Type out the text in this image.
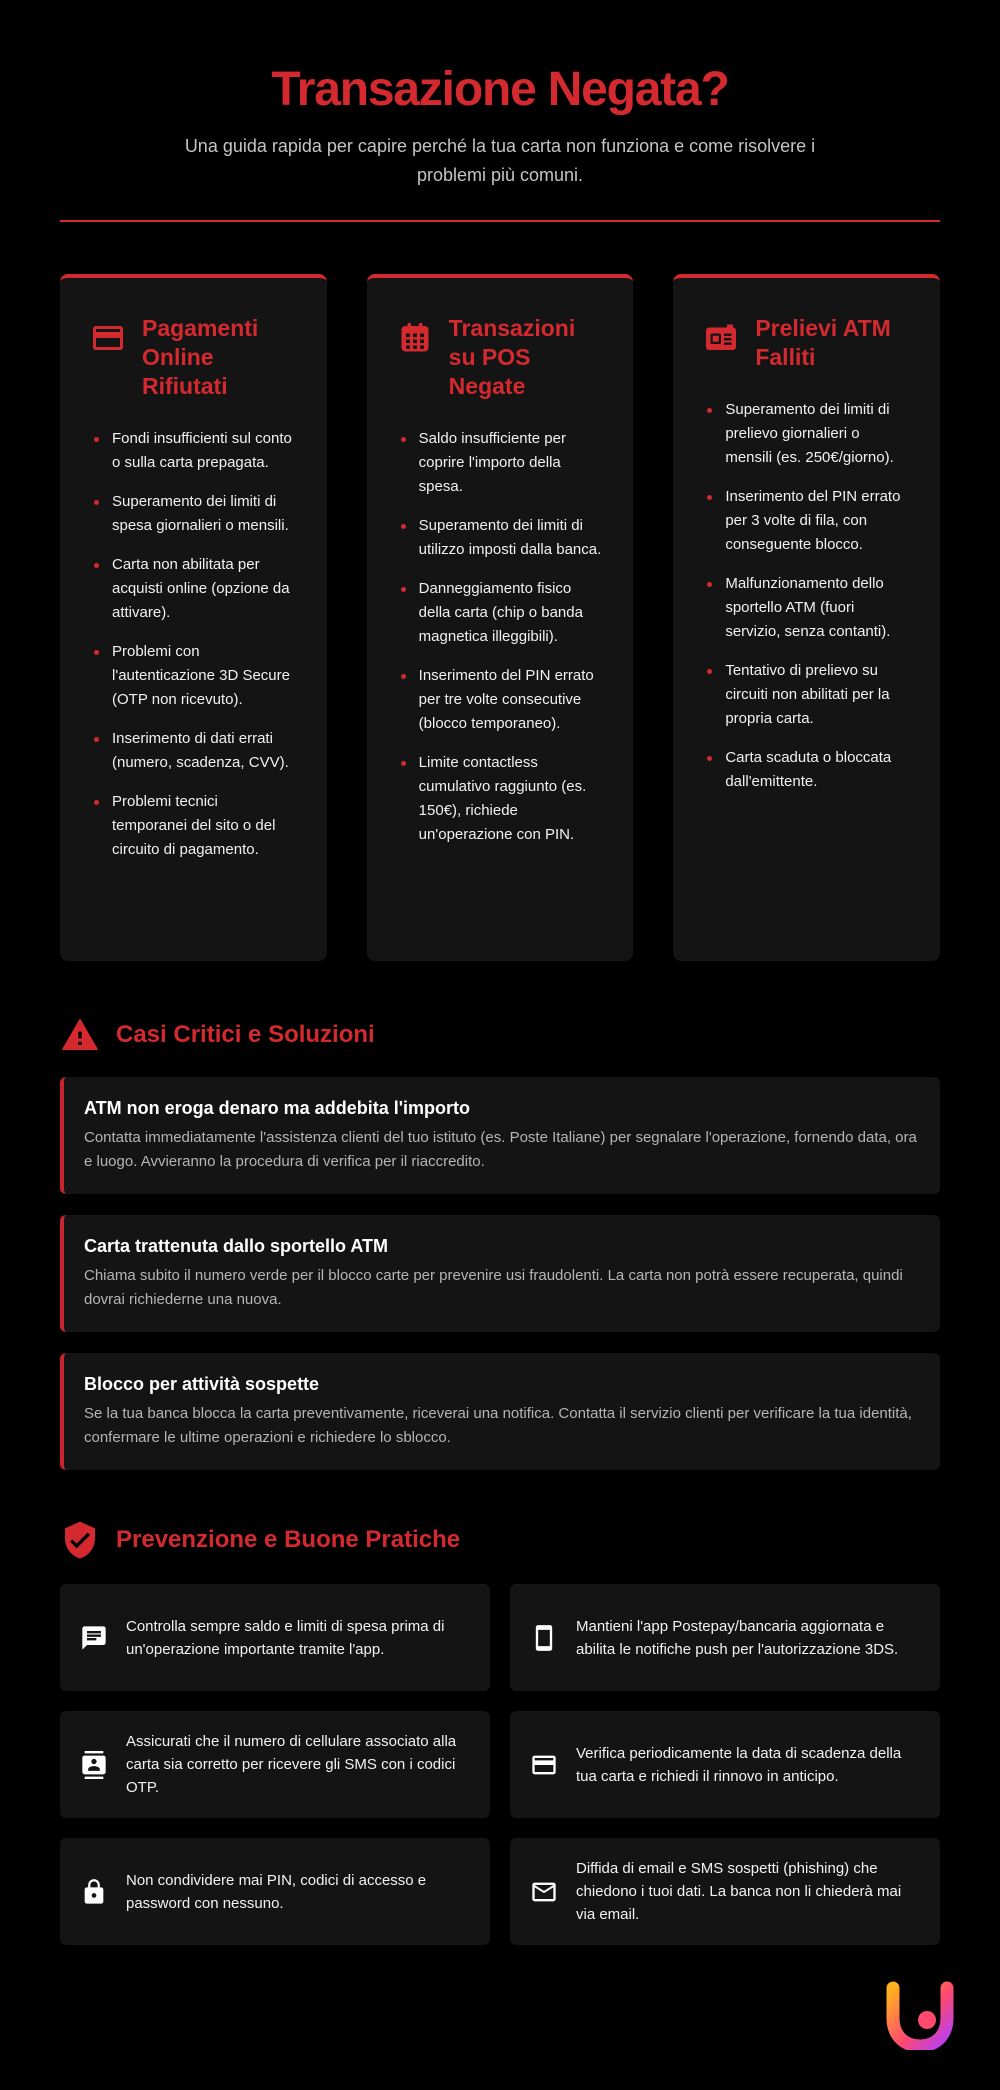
Transazione Negata?

Una guida rapida per capire perché la tua carta non funziona e come risolvere i problemi più comuni.

Pagamenti Online Rifiutati
Fondi insufficienti sul conto o sulla carta prepagata.
Superamento dei limiti di spesa giornalieri o mensili.
Carta non abilitata per acquisti online (opzione da attivare).
Problemi con l'autenticazione 3D Secure (OTP non ricevuto).
Inserimento di dati errati (numero, scadenza, CVV).
Problemi tecnici temporanei del sito o del circuito di pagamento.
Transazioni su POS Negate
Saldo insufficiente per coprire l'importo della spesa.
Superamento dei limiti di utilizzo imposti dalla banca.
Danneggiamento fisico della carta (chip o banda magnetica illeggibili).
Inserimento del PIN errato per tre volte consecutive (blocco temporaneo).
Limite contactless cumulativo raggiunto (es. 150€), richiede un'operazione con PIN.
Prelievi ATM Falliti
Superamento dei limiti di prelievo giornalieri o mensili (es. 250€/giorno).
Inserimento del PIN errato per 3 volte di fila, con conseguente blocco.
Malfunzionamento dello sportello ATM (fuori servizio, senza contanti).
Tentativo di prelievo su circuiti non abilitati per la propria carta.
Carta scaduta o bloccata dall'emittente.
Casi Critici e Soluzioni
ATM non eroga denaro ma addebita l'importo

Contatta immediatamente l'assistenza clienti del tuo istituto (es. Poste Italiane) per segnalare l'operazione, fornendo data, ora e luogo. Avvieranno la procedura di verifica per il riaccredito.

Carta trattenuta dallo sportello ATM

Chiama subito il numero verde per il blocco carte per prevenire usi fraudolenti. La carta non potrà essere recuperata, quindi dovrai richiederne una nuova.

Blocco per attività sospette

Se la tua banca blocca la carta preventivamente, riceverai una notifica. Contatta il servizio clienti per verificare la tua identità, confermare le ultime operazioni e richiedere lo sblocco.

Prevenzione e Buone Pratiche

Controlla sempre saldo e limiti di spesa prima di un'operazione importante tramite l'app.

Mantieni l'app Postepay/bancaria aggiornata e abilita le notifiche push per l'autorizzazione 3DS.

Assicurati che il numero di cellulare associato alla carta sia corretto per ricevere gli SMS con i codici OTP.

Verifica periodicamente la data di scadenza della tua carta e richiedi il rinnovo in anticipo.

Non condividere mai PIN, codici di accesso e password con nessuno.

Diffida di email e SMS sospetti (phishing) che chiedono i tuoi dati. La banca non li chiederà mai via email.
